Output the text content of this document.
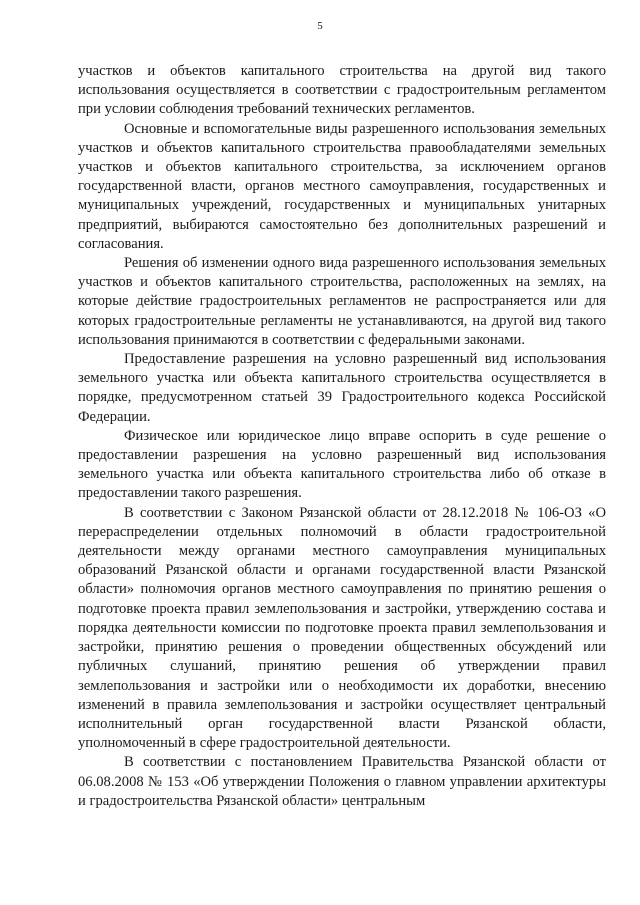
5

участков и объектов капитального строительства на другой вид такого использования осуществляется в соответствии с градостроительным регламентом при условии соблюдения требований технических регламентов.

Основные и вспомогательные виды разрешенного использования земельных участков и объектов капитального строительства правообладателями земельных участков и объектов капитального строительства, за исключением органов государственной власти, органов местного самоуправления, государственных и муниципальных учреждений, государственных и муниципальных унитарных предприятий, выбираются самостоятельно без дополнительных разрешений и согласования.

Решения об изменении одного вида разрешенного использования земельных участков и объектов капитального строительства, расположенных на землях, на которые действие градостроительных регламентов не распространяется или для которых градостроительные регламенты не устанавливаются, на другой вид такого использования принимаются в соответствии с федеральными законами.

Предоставление разрешения на условно разрешенный вид использования земельного участка или объекта капитального строительства осуществляется в порядке, предусмотренном статьей 39 Градостроительного кодекса Российской Федерации.

Физическое или юридическое лицо вправе оспорить в суде решение о предоставлении разрешения на условно разрешенный вид использования земельного участка или объекта капитального строительства либо об отказе в предоставлении такого разрешения.

В соответствии с Законом Рязанской области от 28.12.2018 № 106-ОЗ «О перераспределении отдельных полномочий в области градостроительной деятельности между органами местного самоуправления муниципальных образований Рязанской области и органами государственной власти Рязанской области» полномочия органов местного самоуправления по принятию решения о подготовке проекта правил землепользования и застройки, утверждению состава и порядка деятельности комиссии по подготовке проекта правил землепользования и застройки, принятию решения о проведении общественных обсуждений или публичных слушаний, принятию решения об утверждении правил землепользования и застройки или о необходимости их доработки, внесению изменений в правила землепользования и застройки осуществляет центральный исполнительный орган государственной власти Рязанской области, уполномоченный в сфере градостроительной деятельности.

В соответствии с постановлением Правительства Рязанской области от 06.08.2008 № 153 «Об утверждении Положения о главном управлении архитектуры и градостроительства Рязанской области» центральным
